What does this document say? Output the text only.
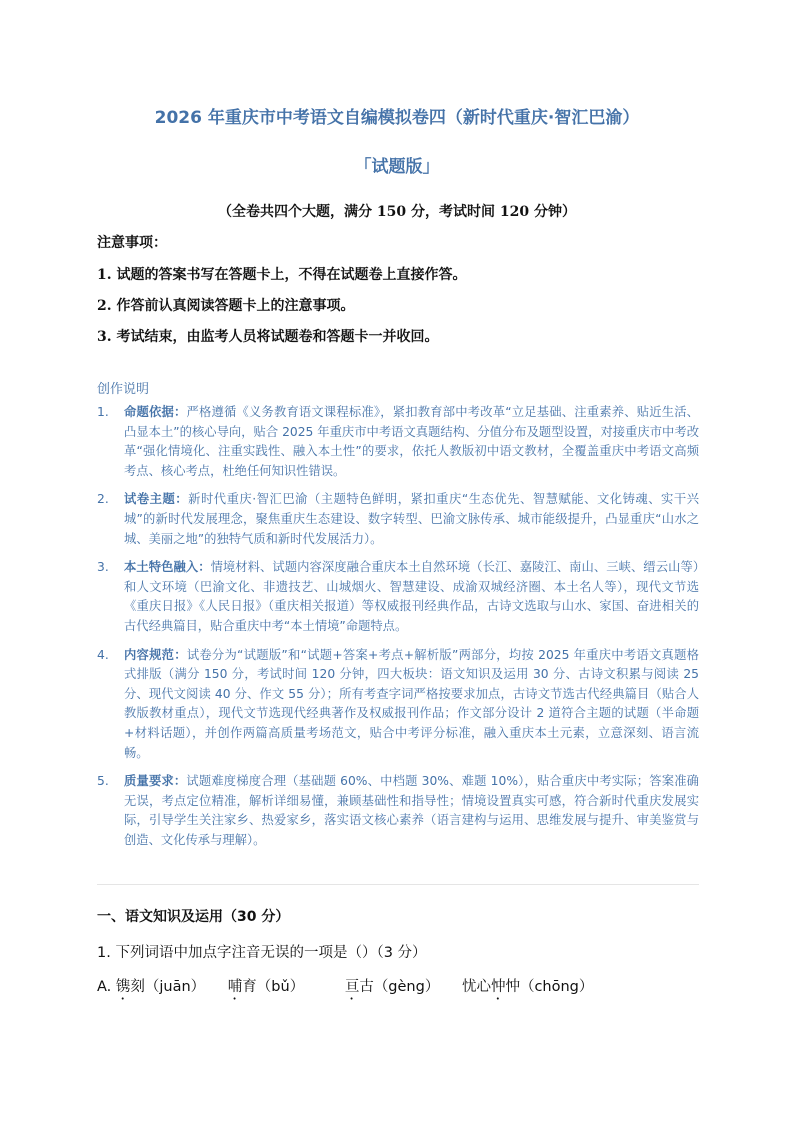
2026 年重庆市中考语文自编模拟卷四（新时代重庆·智汇巴渝）
「试题版」
（全卷共四个大题，满分 150 分，考试时间 120 分钟）
注意事项：
1. 试题的答案书写在答题卡上，不得在试题卷上直接作答。
2. 作答前认真阅读答题卡上的注意事项。
3. 考试结束，由监考人员将试题卷和答题卡一并收回。
创作说明
1. 命题依据：严格遵循《义务教育语文课程标准》，紧扣教育部中考改革“立足基础、注重素养、贴近生活、凸显本土”的核心导向，贴合 2025 年重庆市中考语文真题结构、分值分布及题型设置，对接重庆市中考改革“强化情境化、注重实践性、融入本土性”的要求，依托人教版初中语文教材，全覆盖重庆中考语文高频考点、核心考点，杜绝任何知识性错误。
2. 试卷主题：新时代重庆·智汇巴渝（主题特色鲜明，紧扣重庆“生态优先、智慧赋能、文化铸魂、实干兴城”的新时代发展理念，聚焦重庆生态建设、数字转型、巴渝文脉传承、城市能级提升，凸显重庆“山水之城、美丽之地”的独特气质和新时代发展活力）。
3. 本土特色融入：情境材料、试题内容深度融合重庆本土自然环境（长江、嘉陵江、南山、三峡、缙云山等）和人文环境（巴渝文化、非遗技艺、山城烟火、智慧建设、成渝双城经济圈、本土名人等），现代文节选《重庆日报》《人民日报》（重庆相关报道）等权威报刊经典作品，古诗文选取与山水、家国、奋进相关的古代经典篇目，贴合重庆中考“本土情境”命题特点。
4. 内容规范：试卷分为“试题版”和“试题+答案+考点+解析版”两部分，均按 2025 年重庆中考语文真题格式排版（满分 150 分，考试时间 120 分钟，四大板块：语文知识及运用 30 分、古诗文积累与阅读 25 分、现代文阅读 40 分、作文 55 分）；所有考查字词严格按要求加点，古诗文节选古代经典篇目（贴合人教版教材重点），现代文节选现代经典著作及权威报刊作品；作文部分设计 2 道符合主题的试题（半命题+材料话题），并创作两篇高质量考场范文，贴合中考评分标准，融入重庆本土元素，立意深刻、语言流畅。
5. 质量要求：试题难度梯度合理（基础题 60%、中档题 30%、难题 10%），贴合重庆中考实际；答案准确无误，考点定位精准，解析详细易懂，兼顾基础性和指导性；情境设置真实可感，符合新时代重庆发展实际，引导学生关注家乡、热爱家乡，落实语文核心素养（语言建构与运用、思维发展与提升、审美鉴赏与创造、文化传承与理解）。
一、语文知识及运用（30 分）
1. 下列词语中加点字注音无误的一项是（）（3 分）
A. 镌刻（juān） 哺育（bǔ）	亘古（gèng） 忧心忡忡（chōng）
